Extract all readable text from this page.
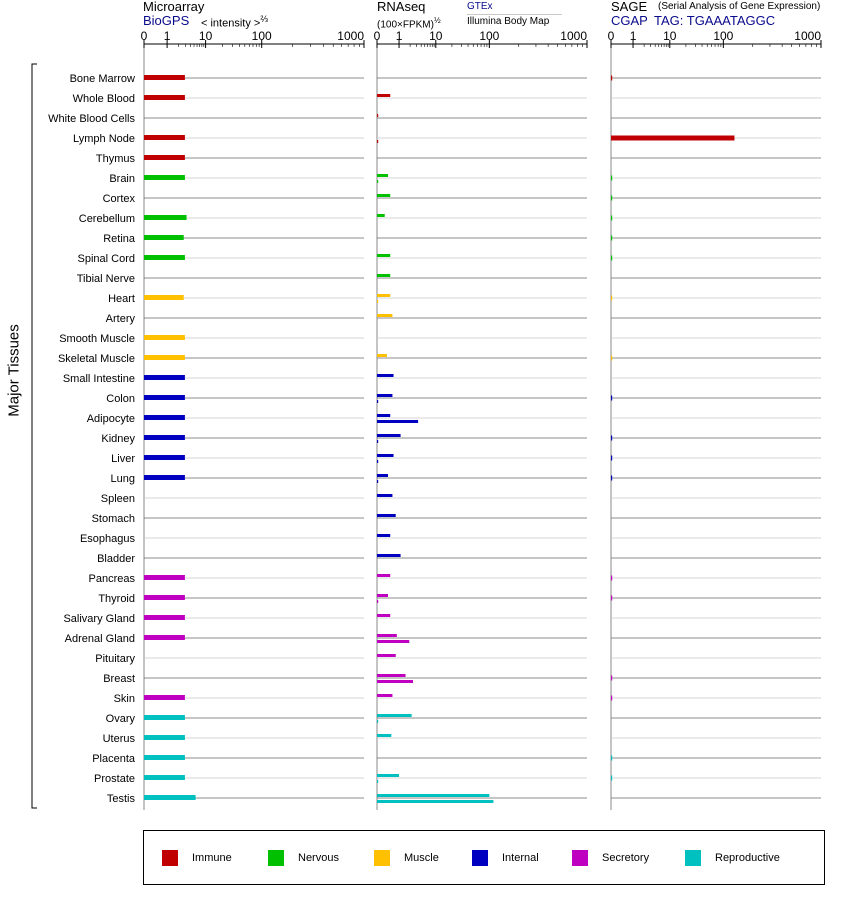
Microarray
BioGPS < intensity >$^{\frac{2}{3}}$
RNAseq
(100×FPKM)$^{\frac{1}{2}}$
GTEx
Illumina Body Map
SAGE (Serial Analysis of Gene Expression)
CGAP TAG: TGAAATAGGC
Major Tissues
0 1 10	100	1000 0 1 10	100	1000 0 1 10	100	1000
Bone Marrow
Whole Blood
White Blood Cells
Lymph Node
Thymus
Brain
Cortex
Cerebellum
Retina
Spinal Cord
Tibial Nerve
Heart
Artery
Smooth Muscle
Skeletal Muscle
Small Intestine
Colon
Adipocyte
Kidney
Liver
Lung
Spleen
Stomach
Esophagus
Bladder
Pancreas
Thyroid
Salivary Gland
Adrenal Gland
Pituitary
Breast
Skin
Ovary
Uterus
Placenta
Prostate
Testis
Immune	Nervous	Muscle	Internal	Secretory	Reproductive
